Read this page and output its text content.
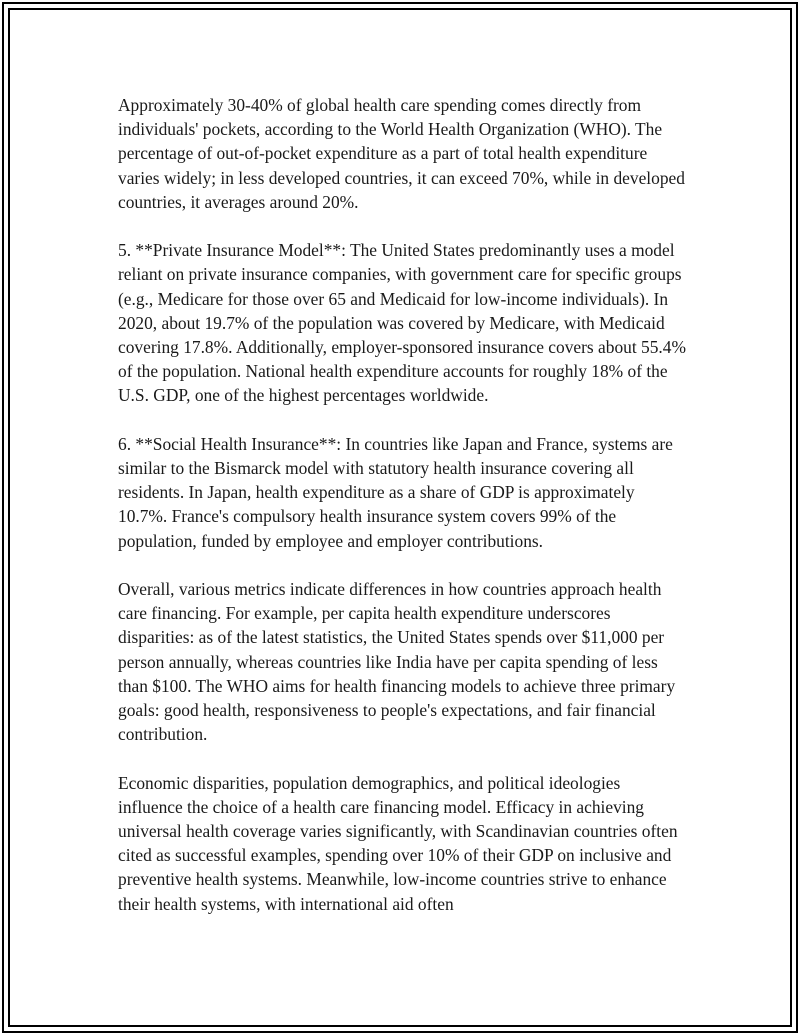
Approximately 30-40% of global health care spending comes directly from individuals' pockets, according to the World Health Organization (WHO). The percentage of out-of-pocket expenditure as a part of total health expenditure varies widely; in less developed countries, it can exceed 70%, while in developed countries, it averages around 20%.

5. **Private Insurance Model**: The United States predominantly uses a model reliant on private insurance companies, with government care for specific groups (e.g., Medicare for those over 65 and Medicaid for low-income individuals). In 2020, about 19.7% of the population was covered by Medicare, with Medicaid covering 17.8%. Additionally, employer-sponsored insurance covers about 55.4% of the population. National health expenditure accounts for roughly 18% of the U.S. GDP, one of the highest percentages worldwide.

6. **Social Health Insurance**: In countries like Japan and France, systems are similar to the Bismarck model with statutory health insurance covering all residents. In Japan, health expenditure as a share of GDP is approximately 10.7%. France's compulsory health insurance system covers 99% of the population, funded by employee and employer contributions.

Overall, various metrics indicate differences in how countries approach health care financing. For example, per capita health expenditure underscores disparities: as of the latest statistics, the United States spends over $11,000 per person annually, whereas countries like India have per capita spending of less than $100. The WHO aims for health financing models to achieve three primary goals: good health, responsiveness to people's expectations, and fair financial contribution.

Economic disparities, population demographics, and political ideologies influence the choice of a health care financing model. Efficacy in achieving universal health coverage varies significantly, with Scandinavian countries often cited as successful examples, spending over 10% of their GDP on inclusive and preventive health systems. Meanwhile, low-income countries strive to enhance their health systems, with international aid often
